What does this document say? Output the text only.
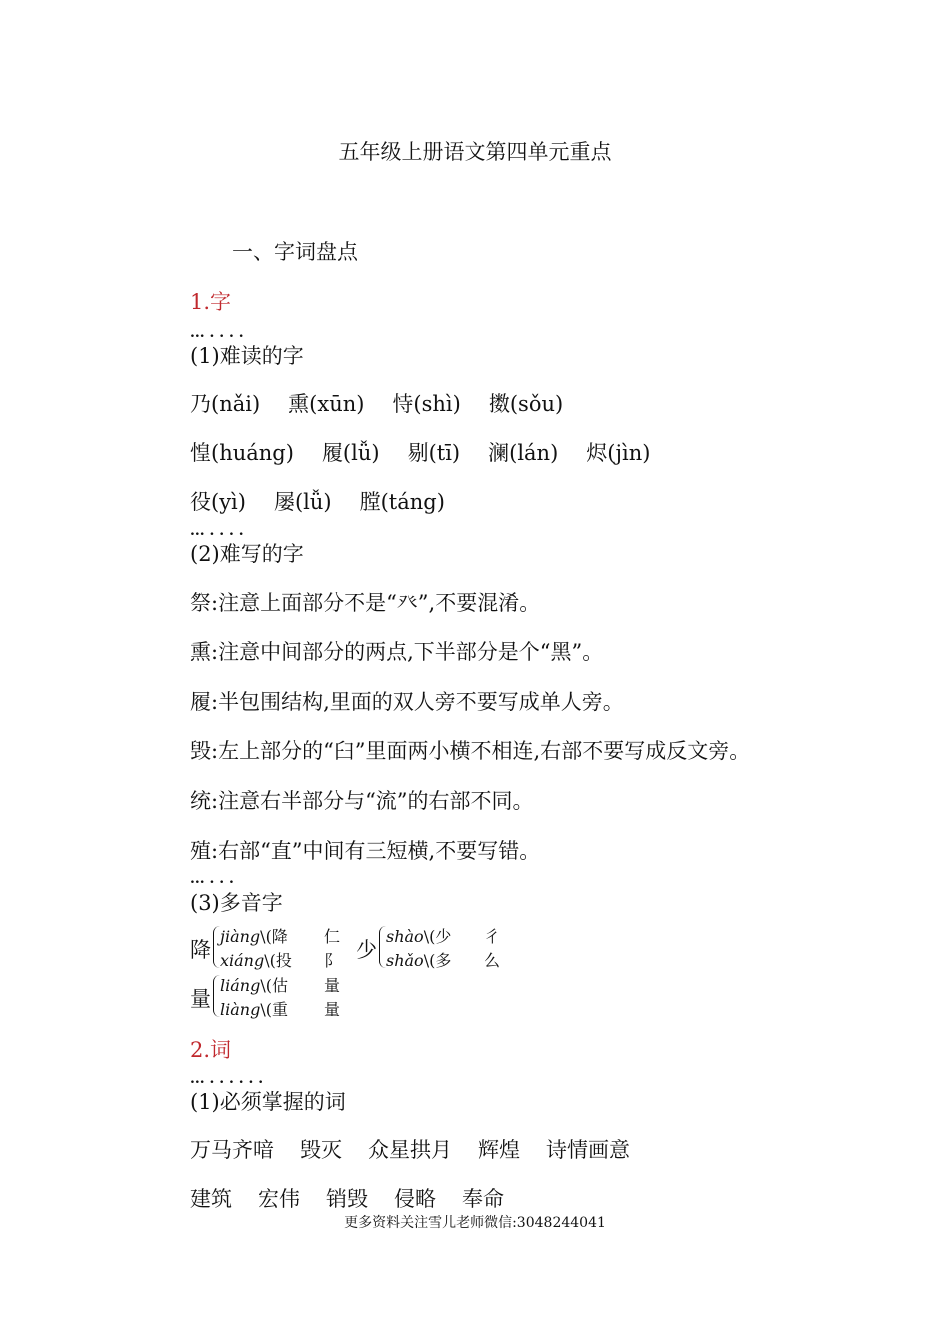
五年级上册语文第四单元重点
一、字词盘点
1.字
... . . . .
(1)难读的字
乃(nǎi) 熏(xūn) 恃(shì) 擞(sǒu)
惶(huáng) 履(lǚ) 剔(tī) 澜(lán) 烬(jìn)
役(yì) 屡(lǚ) 膛(táng)
... . . . .
(2)难写的字
祭:注意上面部分不是“癶”,不要混淆。
熏:注意中间部分的两点,下半部分是个“黑”。
履:半包围结构,里面的双人旁不要写成单人旁。
毁:左上部分的“臼”里面两小横不相连,右部不要写成反文旁。
统:注意右半部分与“流”的右部不同。
殖:右部“直”中间有三短横,不要写错。
... . . .
(3)多音字
降
jiàng\(降 仁
xiáng\(投 阝 少
shào\(少 彳
shǎo\(多 么
量
liáng\(估 量
liàng\(重 量
2.词
... . . . . . .
(1)必须掌握的词
万马齐喑 毁灭 众星拱月 辉煌 诗情画意
建筑 宏伟 销毁 侵略 奉命
更多资料关注雪儿老师微信:3048244041
